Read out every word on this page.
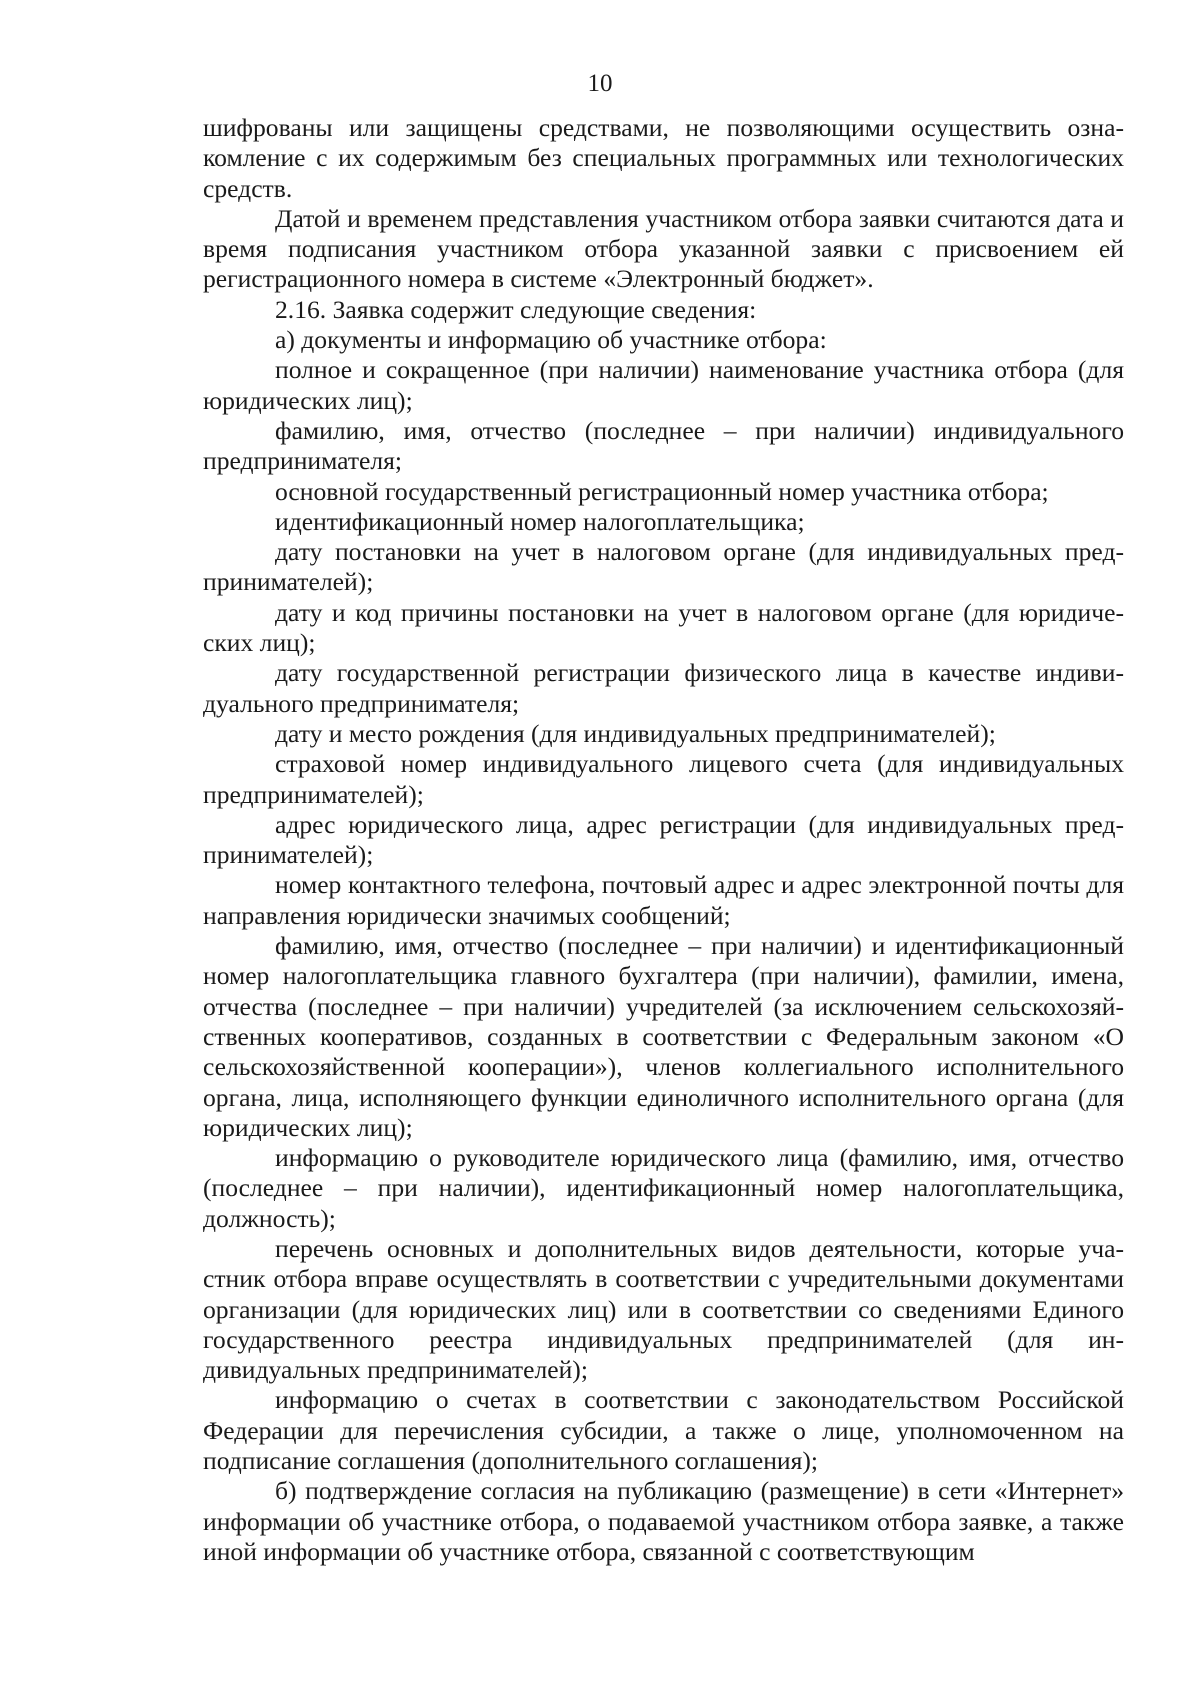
10

шифрованы или защищены средствами, не позволяющими осуществить ознакомление с их содержимым без специальных программных или технологических средств.

Датой и временем представления участником отбора заявки считаются дата и время подписания участником отбора указанной заявки с присвоением ей регистрационного номера в системе «Электронный бюджет».

2.16. Заявка содержит следующие сведения:

а) документы и информацию об участнике отбора:

полное и сокращенное (при наличии) наименование участника отбора (для юридических лиц);

фамилию, имя, отчество (последнее – при наличии) индивидуального предпринимателя;

основной государственный регистрационный номер участника отбора;

идентификационный номер налогоплательщика;

дату постановки на учет в налоговом органе (для индивидуальных предпринимателей);

дату и код причины постановки на учет в налоговом органе (для юридических лиц);

дату государственной регистрации физического лица в качестве индивидуального предпринимателя;

дату и место рождения (для индивидуальных предпринимателей);

страховой номер индивидуального лицевого счета (для индивидуальных предпринимателей);

адрес юридического лица, адрес регистрации (для индивидуальных предпринимателей);

номер контактного телефона, почтовый адрес и адрес электронной почты для направления юридически значимых сообщений;

фамилию, имя, отчество (последнее – при наличии) и идентификационный номер налогоплательщика главного бухгалтера (при наличии), фамилии, имена, отчества (последнее – при наличии) учредителей (за исключением сельскохозяйственных кооперативов, созданных в соответствии с Федеральным законом «О сельскохозяйственной кооперации»), членов коллегиального исполнительного органа, лица, исполняющего функции единоличного исполнительного органа (для юридических лиц);

информацию о руководителе юридического лица (фамилию, имя, отчество (последнее – при наличии), идентификационный номер налогоплательщика, должность);

перечень основных и дополнительных видов деятельности, которые участник отбора вправе осуществлять в соответствии с учредительными документами организации (для юридических лиц) или в соответствии со сведениями Единого государственного реестра индивидуальных предпринимателей (для индивидуальных предпринимателей);

информацию о счетах в соответствии с законодательством Российской Федерации для перечисления субсидии, а также о лице, уполномоченном на подписание соглашения (дополнительного соглашения);

б) подтверждение согласия на публикацию (размещение) в сети «Интернет» информации об участнике отбора, о подаваемой участником отбора заявке, а также иной информации об участнике отбора, связанной с соответствующим
